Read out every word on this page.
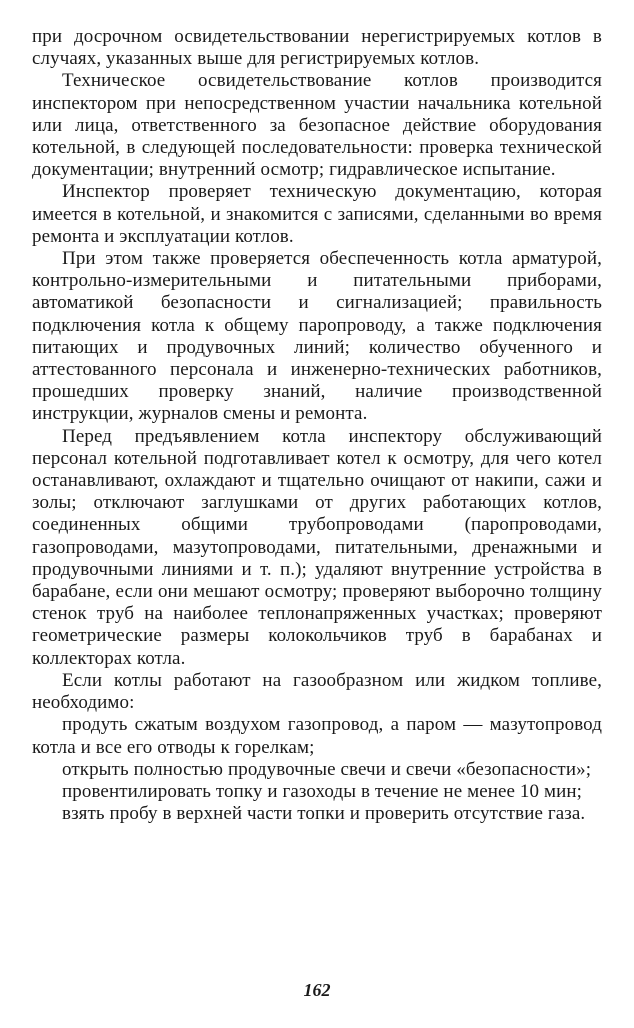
при досрочном освидетельствовании нерегистрируемых котлов в случаях, указанных выше для регистрируемых котлов.

Техническое освидетельствование котлов производится инспектором при непосредственном участии начальника котельной или лица, ответственного за безопасное действие оборудования котельной, в следующей последовательности: проверка технической документации; внутренний осмотр; гидравлическое испытание.

Инспектор проверяет техническую документацию, которая имеется в котельной, и знакомится с записями, сделанными во время ремонта и эксплуатации котлов.

При этом также проверяется обеспеченность котла арматурой, контрольно-измерительными и питательными приборами, автоматикой безопасности и сигнализацией; правильность подключения котла к общему паропроводу, а также подключения питающих и продувочных линий; количество обученного и аттестованного персонала и инженерно-технических работников, прошедших проверку знаний, наличие производственной инструкции, журналов смены и ремонта.

Перед предъявлением котла инспектору обслуживающий персонал котельной подготавливает котел к осмотру, для чего котел останавливают, охлаждают и тщательно очищают от накипи, сажи и золы; отключают заглушками от других работающих котлов, соединенных общими трубопроводами (паропроводами, газопроводами, мазутопроводами, питательными, дренажными и продувочными линиями и т. п.); удаляют внутренние устройства в барабане, если они мешают осмотру; проверяют выборочно толщину стенок труб на наиболее теплонапряженных участках; проверяют геометрические размеры колокольчиков труб в барабанах и коллекторах котла.

Если котлы работают на газообразном или жидком топливе, необходимо:

продуть сжатым воздухом газопровод, а паром — мазутопровод котла и все его отводы к горелкам;

открыть полностью продувочные свечи и свечи «безопасности»;

провентилировать топку и газоходы в течение не менее 10 мин;

взять пробу в верхней части топки и проверить отсутствие газа.

162
